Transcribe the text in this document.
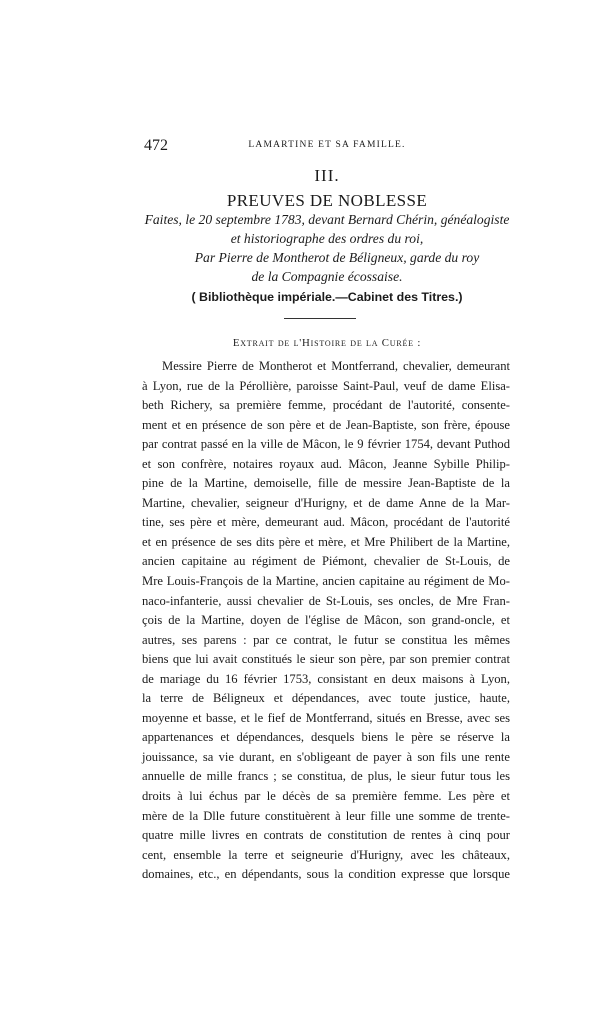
472	LAMARTINE ET SA FAMILLE.
III.
PREUVES DE NOBLESSE
Faites, le 20 septembre 1783, devant Bernard Chérin, généalogiste
et historiographe des ordres du roi,
Par Pierre de Montherot de Béligneux, garde du roy
de la Compagnie écossaise.
( Bibliothèque impériale.—Cabinet des Titres.)
Extrait de l'Histoire de la Curée :
Messire Pierre de Montherot et Montferrand, chevalier, demeurant
à Lyon, rue de la Pérollière, paroisse Saint-Paul, veuf de dame Elisa-
beth Richery, sa première femme, procédant de l'autorité, consente-
ment et en présence de son père et de Jean-Baptiste, son frère, épouse
par contrat passé en la ville de Mâcon, le 9 février 1754, devant Puthod
et son confrère, notaires royaux aud. Mâcon, Jeanne Sybille Philip-
pine de la Martine, demoiselle, fille de messire Jean-Baptiste de la
Martine, chevalier, seigneur d'Hurigny, et de dame Anne de la Mar-
tine, ses père et mère, demeurant aud. Mâcon, procédant de l'autorité
et en présence de ses dits père et mère, et Mre Philibert de la Martine,
ancien capitaine au régiment de Piémont, chevalier de St-Louis, de
Mre Louis-François de la Martine, ancien capitaine au régiment de Mo-
naco-infanterie, aussi chevalier de St-Louis, ses oncles, de Mre Fran-
çois de la Martine, doyen de l'église de Mâcon, son grand-oncle, et
autres, ses parens : par ce contrat, le futur se constitua les mêmes
biens que lui avait constitués le sieur son père, par son premier contrat
de mariage du 16 février 1753, consistant en deux maisons à Lyon,
la terre de Béligneux et dépendances, avec toute justice, haute,
moyenne et basse, et le fief de Montferrand, situés en Bresse, avec ses
appartenances et dépendances, desquels biens le père se réserve la
jouissance, sa vie durant, en s'obligeant de payer à son fils une rente
annuelle de mille francs ; se constitua, de plus, le sieur futur tous les
droits à lui échus par le décès de sa première femme. Les père et
mère de la Dlle future constituèrent à leur fille une somme de trente-
quatre mille livres en contrats de constitution de rentes à cinq pour
cent, ensemble la terre et seigneurie d'Hurigny, avec les châteaux,
domaines, etc., en dépendants, sous la condition expresse que lorsque
